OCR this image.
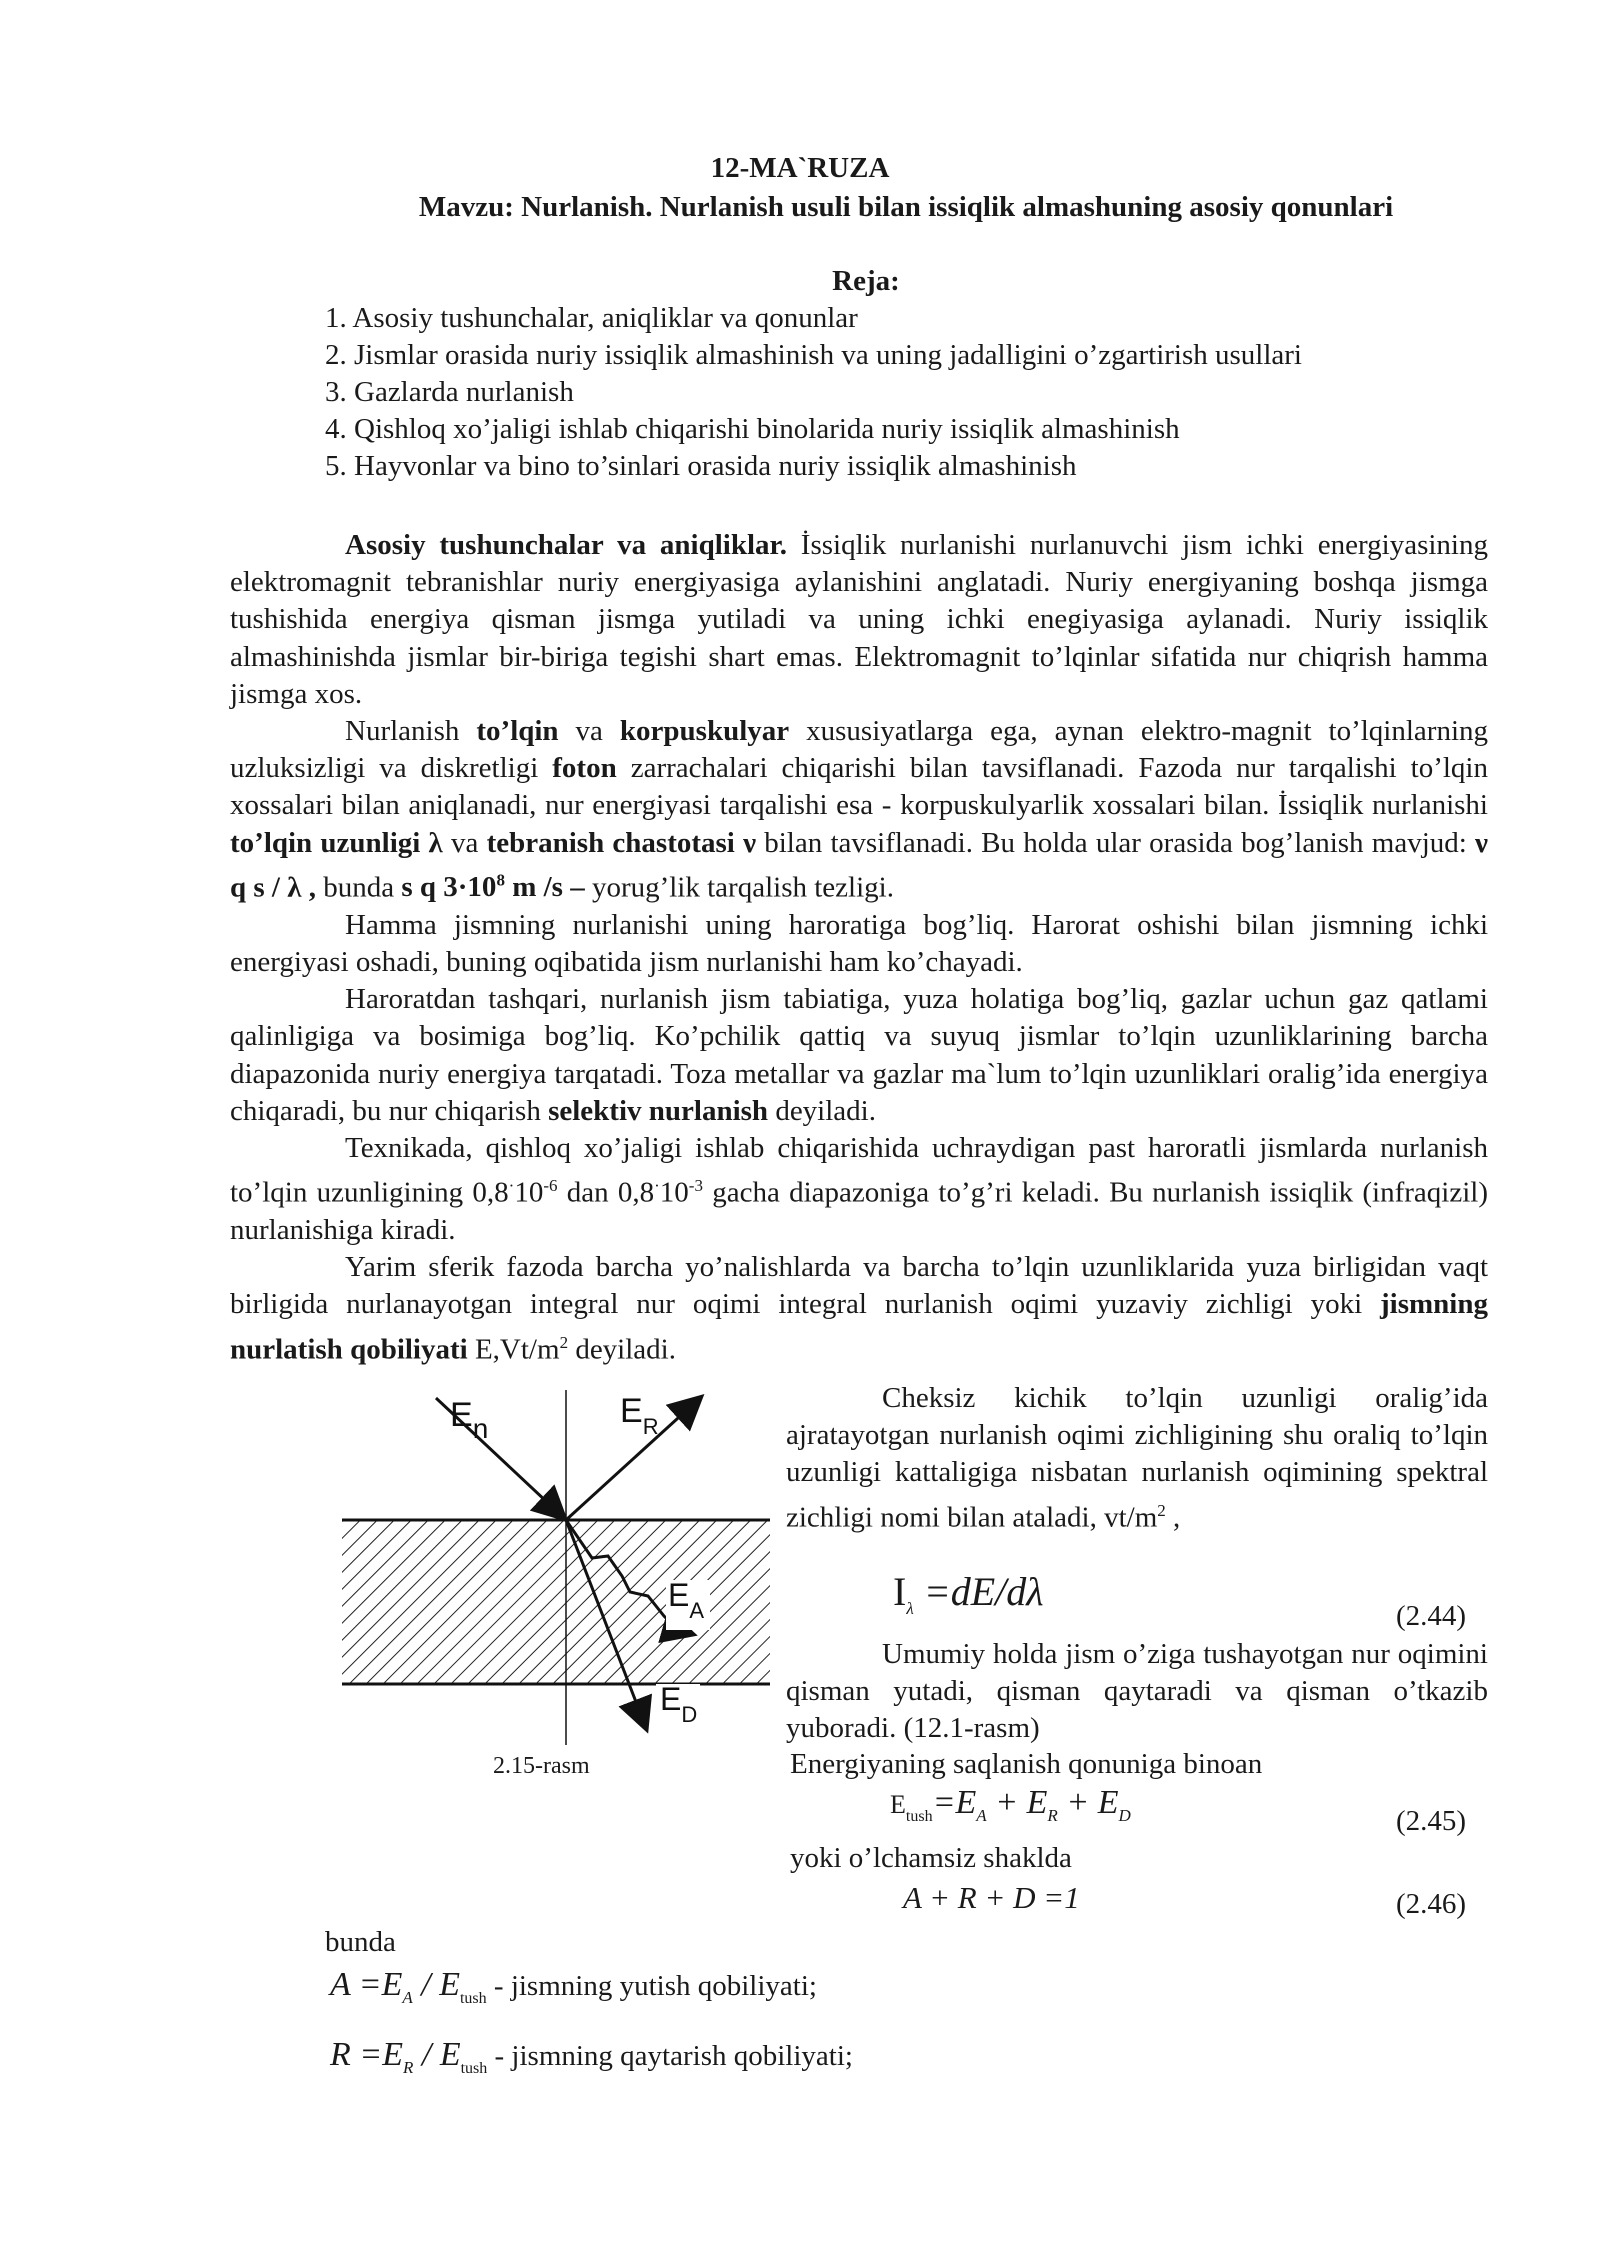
12-MA`RUZA
Mavzu: Nurlanish. Nurlanish usuli bilan issiqlik almashuning asosiy qonunlari
Reja:
1. Asosiy tushunchalar, aniqliklar va qonunlar
2. Jismlar orasida nuriy issiqlik almashinish va uning jadalligini o’zgartirish usullari
3. Gazlarda nurlanish
4. Qishloq xo’jaligi ishlab chiqarishi binolarida nuriy issiqlik almashinish
5. Hayvonlar va bino to’sinlari orasida nuriy issiqlik almashinish

Asosiy tushunchalar va aniqliklar. İssiqlik nurlanishi nurlanuvchi jism ichki energiyasining elektromagnit tebranishlar nuriy energiyasiga aylanishini anglatadi. Nuriy energiyaning boshqa jismga tushishida energiya qisman jismga yutiladi va uning ichki enegiyasiga aylanadi. Nuriy issiqlik almashinishda jismlar bir-biriga tegishi shart emas. Elektromagnit to’lqinlar sifatida nur chiqrish hamma jismga xos.

Nurlanish to’lqin va korpuskulyar xususiyatlarga ega, aynan elektro-magnit to’lqinlarning uzluksizligi va diskretligi foton zarrachalari chiqarishi bilan tavsiflanadi. Fazoda nur tarqalishi to’lqin xossalari bilan aniqlanadi, nur energiyasi tarqalishi esa - korpuskulyarlik xossalari bilan. İssiqlik nurlanishi to’lqin uzunligi λ va tebranish chastotasi ν bilan tavsiflanadi. Bu holda ular orasida bog’lanish mavjud: ν q s / λ , bunda s q $3\cdot 10^8$ m /s – yorug’lik tarqalish tezligi.

Hamma jismning nurlanishi uning haroratiga bog’liq. Harorat oshishi bilan jismning ichki energiyasi oshadi, buning oqibatida jism nurlanishi ham ko’chayadi.

Haroratdan tashqari, nurlanish jism tabiatiga, yuza holatiga bog’liq, gazlar uchun gaz qatlami qalinligiga va bosimiga bog’liq. Ko’pchilik qattiq va suyuq jismlar to’lqin uzunliklarining barcha diapazonida nuriy energiya tarqatadi. Toza metallar va gazlar ma`lum to’lqin uzunliklari oralig’ida energiya chiqaradi, bu nur chiqarish selektiv nurlanish deyiladi.

Texnikada, qishloq xo’jaligi ishlab chiqarishida uchraydigan past haroratli jismlarda nurlanish to’lqin uzunligining $0,8^\cdot 10^{-6}$ dan $0,8^\cdot 10^{-3}$ gacha diapazoniga to’g’ri keladi. Bu nurlanish issiqlik (infraqizil) nurlanishiga kiradi.

Yarim sferik fazoda barcha yo’nalishlarda va barcha to’lqin uzunliklarida yuza birligidan vaqt birligida nurlanayotgan integral nur oqimi integral nurlanish oqimi yuzaviy zichligi yoki jismning nurlatish qobiliyati $E,Vt/m^2$ deyiladi.

$E_n$	$E_R$
$E_A$
$E_D$
2.15-rasm

Cheksiz kichik to’lqin uzunligi oralig’ida ajratayotgan nurlanish oqimi zichligining shu oraliq to’lqin uzunligi kattaligiga nisbatan nurlanish oqimining spektral zichligi nomi bilan ataladi, $vt/m^2$ ,

$I_\lambda =dE/d\lambda$
(2.44)

Umumiy holda jism o’ziga tushayotgan nur oqimini qisman yutadi, qisman qaytaradi va qisman o’tkazib yuboradi. (12.1-rasm)

Energiyaning saqlanish qonuniga binoan
$E_{tush}=E_A + E_R + E_D$	(2.45)
yoki o’lchamsiz shaklda
A + R + D =1	(2.46)
bunda
$A =E_A / E_{tush}$ - jismning yutish qobiliyati;
$R =E_R / E_{tush}$ - jismning qaytarish qobiliyati;
